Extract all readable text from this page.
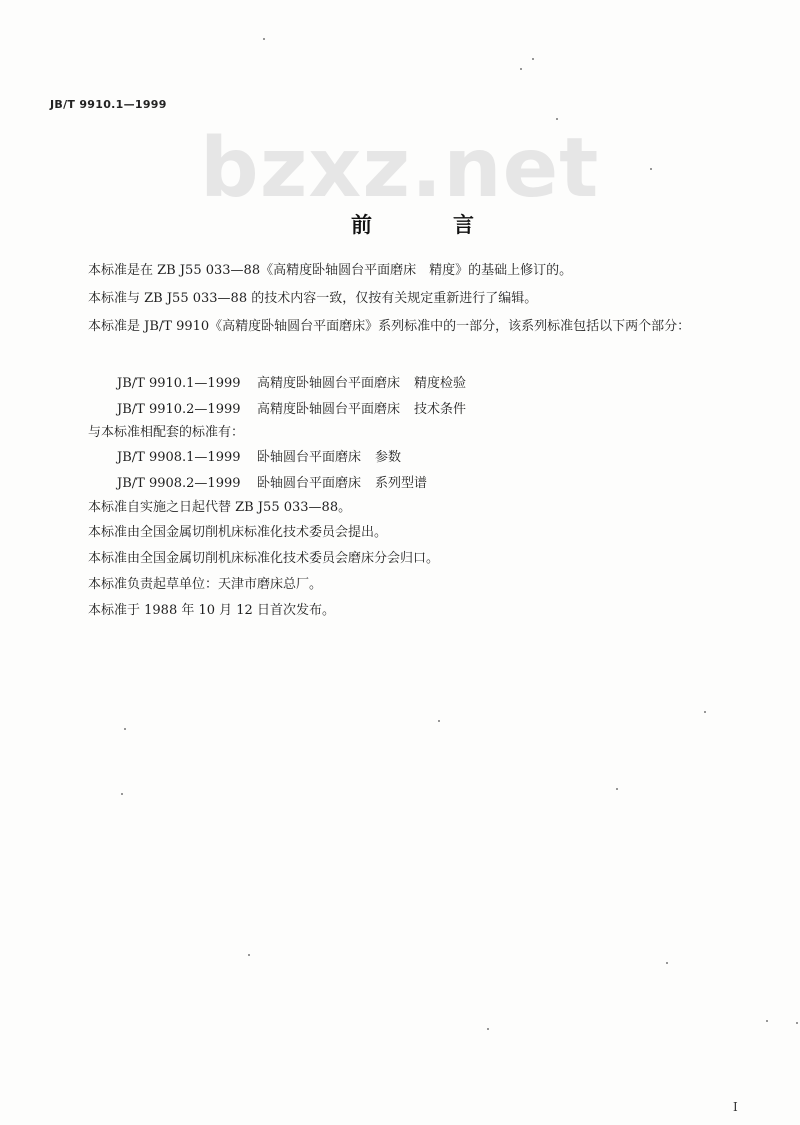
JB/T 9910.1—1999
bzxz.net
前　言
本标准是在 ZB J55 033—88《高精度卧轴圆台平面磨床　精度》的基础上修订的。
本标准与 ZB J55 033—88 的技术内容一致，仅按有关规定重新进行了编辑。
本标准是 JB/T 9910《高精度卧轴圆台平面磨床》系列标准中的一部分，该系列标准包括以下两个部分：
JB/T 9910.1—1999 高精度卧轴圆台平面磨床 精度检验
JB/T 9910.2—1999 高精度卧轴圆台平面磨床 技术条件
与本标准相配套的标准有：
JB/T 9908.1—1999 卧轴圆台平面磨床 参数
JB/T 9908.2—1999 卧轴圆台平面磨床 系列型谱
本标准自实施之日起代替 ZB J55 033—88。
本标准由全国金属切削机床标准化技术委员会提出。
本标准由全国金属切削机床标准化技术委员会磨床分会归口。
本标准负责起草单位：天津市磨床总厂。
本标准于 1988 年 10 月 12 日首次发布。
I
